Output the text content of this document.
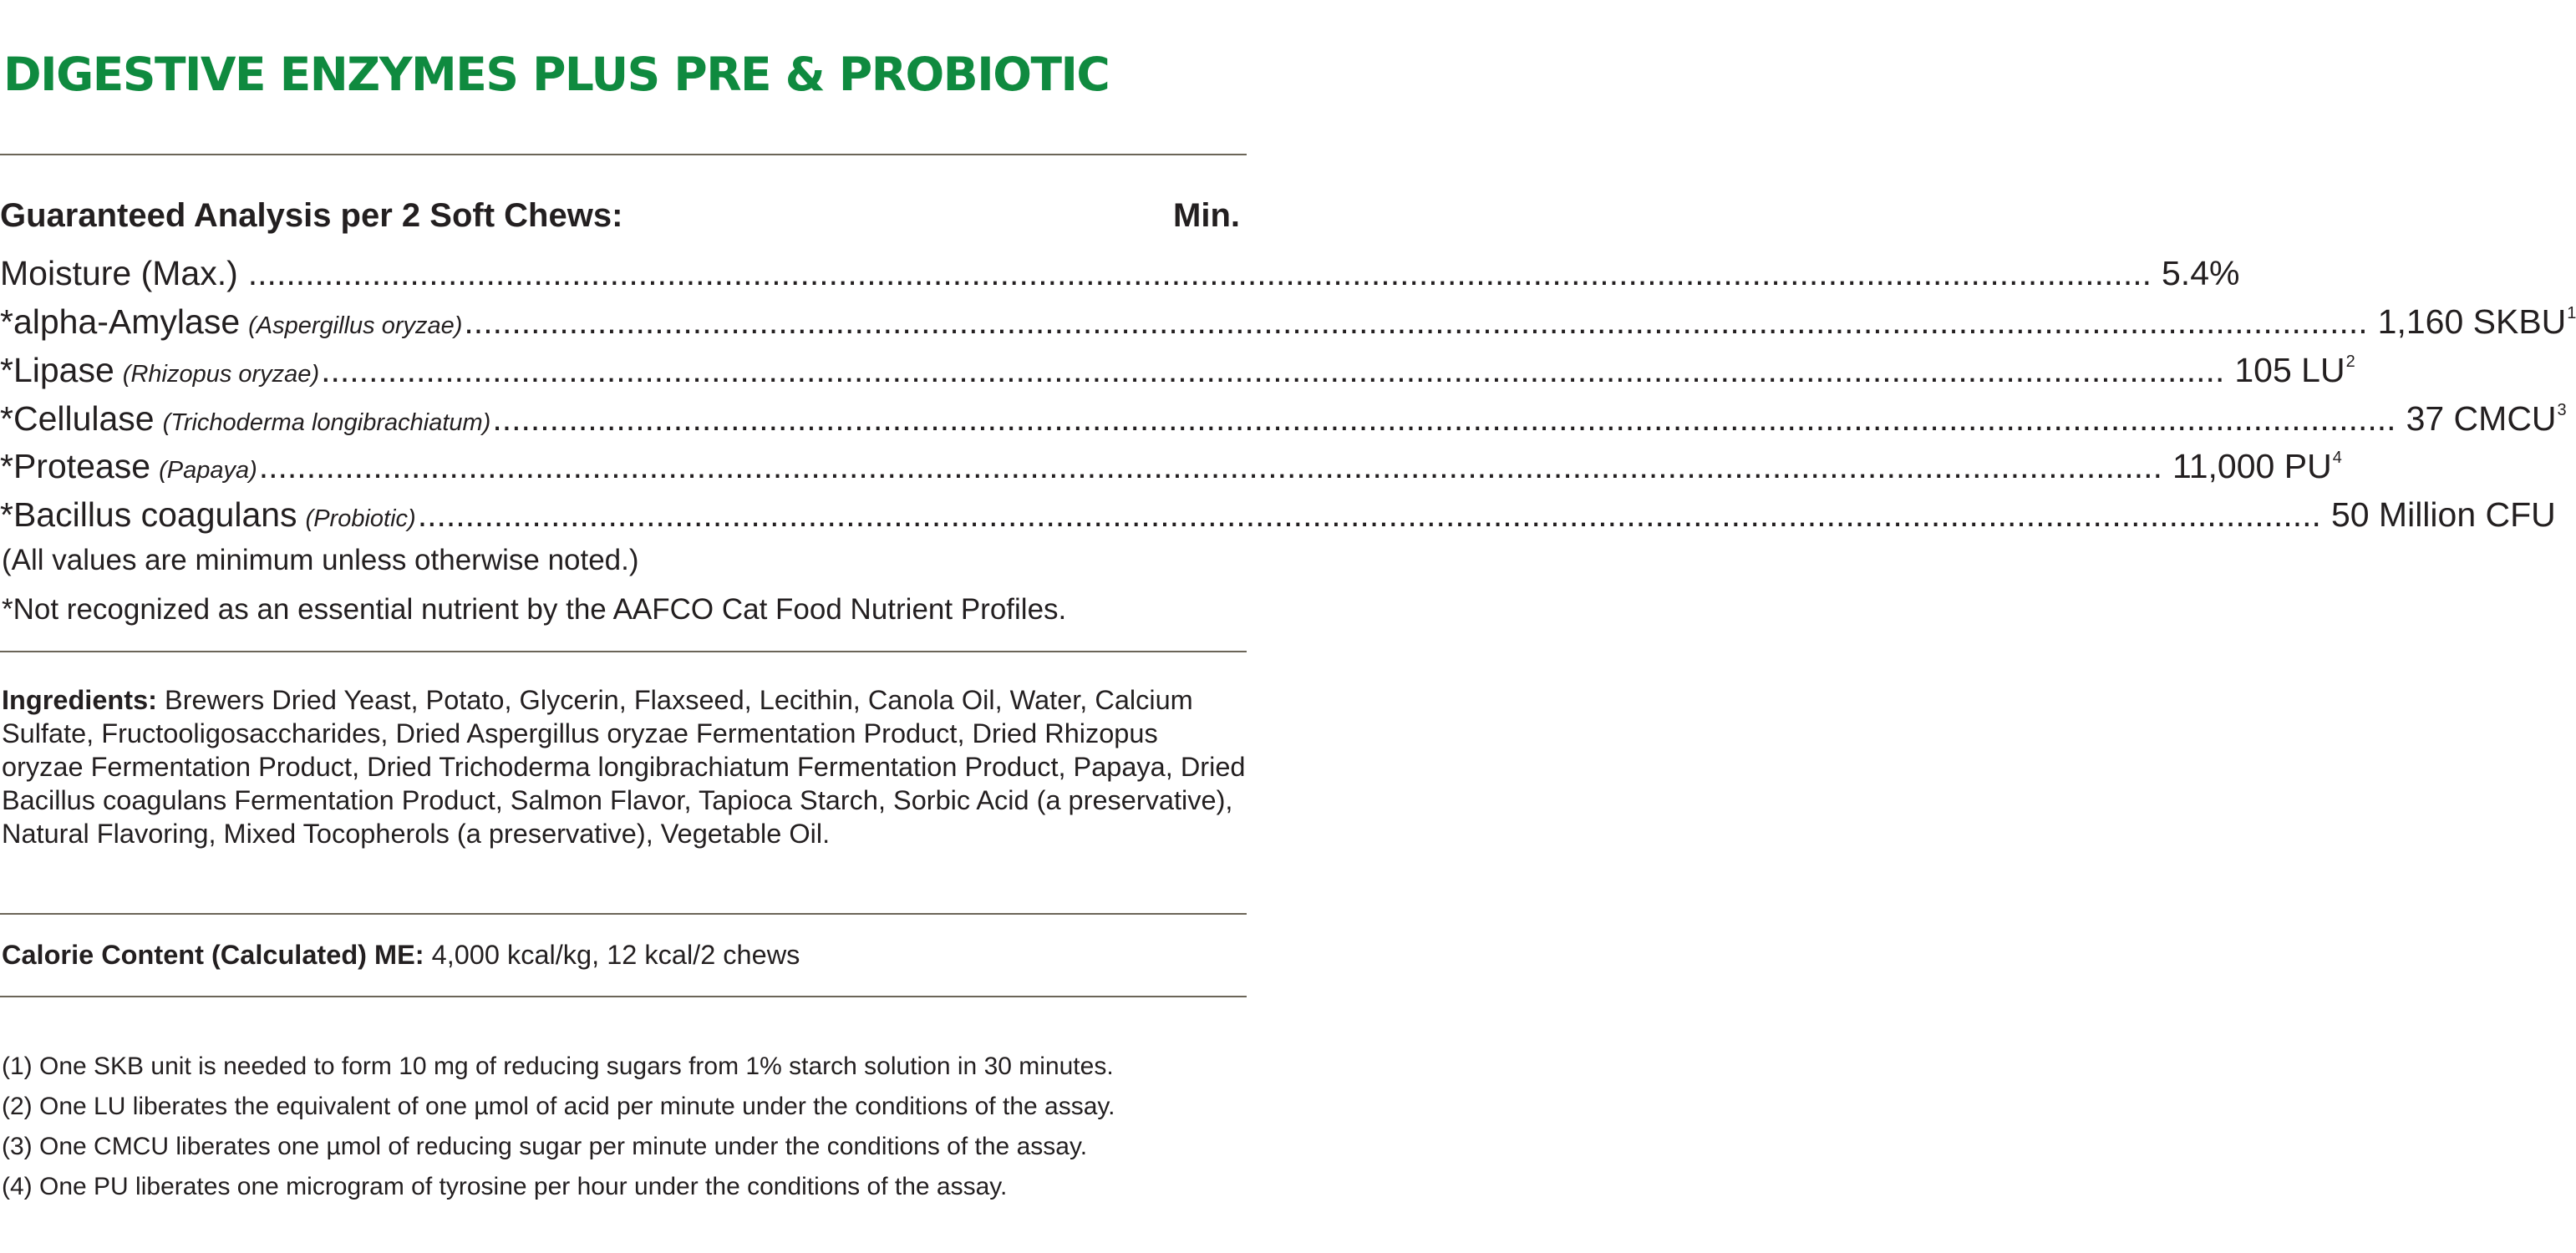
DIGESTIVE ENZYMES PLUS PRE & PROBIOTIC
Guaranteed Analysis per 2 Soft Chews:	Min.
Moisture (Max.) ........................................................................................................................................................................................................ 5.4%
*alpha-Amylase (Aspergillus oryzae) ........................................................................................................................................................................................................ 1,160 SKBU$^1$
*Lipase (Rhizopus oryzae) ........................................................................................................................................................................................................ 105 $LU^2$
*Cellulase (Trichoderma longibrachiatum) ........................................................................................................................................................................................................ 37 CMCU$^3$
*Protease (Papaya) ........................................................................................................................................................................................................ 11,000 $PU^4$
*Bacillus coagulans (Probiotic) ........................................................................................................................................................................................................ 50 Million CFU
(All values are minimum unless otherwise noted.)
*Not recognized as an essential nutrient by the AAFCO Cat Food Nutrient Profiles.

Ingredients: Brewers Dried Yeast, Potato, Glycerin, Flaxseed, Lecithin, Canola Oil, Water, Calcium Sulfate, Fructooligosaccharides, Dried Aspergillus oryzae Fermentation Product, Dried Rhizopus oryzae Fermentation Product, Dried Trichoderma longibrachiatum Fermentation Product, Papaya, Dried Bacillus coagulans Fermentation Product, Salmon Flavor, Tapioca Starch, Sorbic Acid (a preservative), Natural Flavoring, Mixed Tocopherols (a preservative), Vegetable Oil.

Calorie Content (Calculated) ME: 4,000 kcal/kg, 12 kcal/2 chews

(1) One SKB unit is needed to form 10 mg of reducing sugars from 1% starch solution in 30 minutes.
(2) One LU liberates the equivalent of one µmol of acid per minute under the conditions of the assay.
(3) One CMCU liberates one µmol of reducing sugar per minute under the conditions of the assay.
(4) One PU liberates one microgram of tyrosine per hour under the conditions of the assay.
